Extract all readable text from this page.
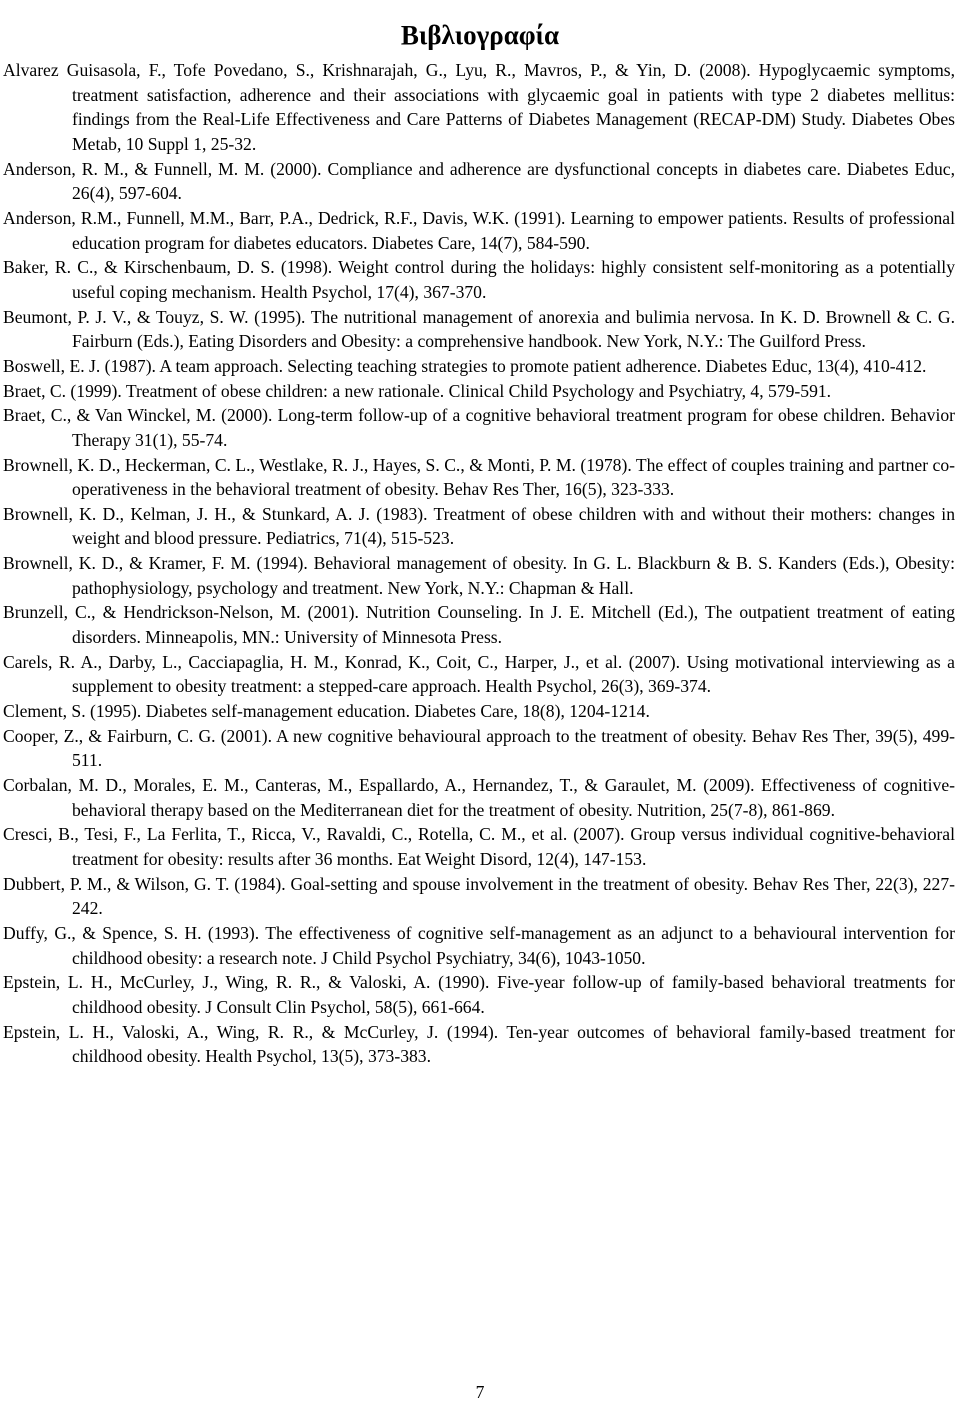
Βιβλιογραφία
Alvarez Guisasola, F., Tofe Povedano, S., Krishnarajah, G., Lyu, R., Mavros, P., & Yin, D. (2008). Hypoglycaemic symptoms, treatment satisfaction, adherence and their associations with glycaemic goal in patients with type 2 diabetes mellitus: findings from the Real-Life Effectiveness and Care Patterns of Diabetes Management (RECAP-DM) Study. Diabetes Obes Metab, 10 Suppl 1, 25-32.
Anderson, R. M., & Funnell, M. M. (2000). Compliance and adherence are dysfunctional concepts in diabetes care. Diabetes Educ, 26(4), 597-604.
Anderson, R.M., Funnell, M.M., Barr, P.A., Dedrick, R.F., Davis, W.K. (1991). Learning to empower patients. Results of professional education program for diabetes educators. Diabetes Care, 14(7), 584-590.
Baker, R. C., & Kirschenbaum, D. S. (1998). Weight control during the holidays: highly consistent self-monitoring as a potentially useful coping mechanism. Health Psychol, 17(4), 367-370.
Beumont, P. J. V., & Touyz, S. W. (1995). The nutritional management of anorexia and bulimia nervosa. In K. D. Brownell & C. G. Fairburn (Eds.), Eating Disorders and Obesity: a comprehensive handbook. New York, N.Y.: The Guilford Press.
Boswell, E. J. (1987). A team approach. Selecting teaching strategies to promote patient adherence. Diabetes Educ, 13(4), 410-412.
Braet, C. (1999). Treatment of obese children: a new rationale. Clinical Child Psychology and Psychiatry, 4, 579-591.
Braet, C., & Van Winckel, M. (2000). Long-term follow-up of a cognitive behavioral treatment program for obese children. Behavior Therapy 31(1), 55-74.
Brownell, K. D., Heckerman, C. L., Westlake, R. J., Hayes, S. C., & Monti, P. M. (1978). The effect of couples training and partner co-operativeness in the behavioral treatment of obesity. Behav Res Ther, 16(5), 323-333.
Brownell, K. D., Kelman, J. H., & Stunkard, A. J. (1983). Treatment of obese children with and without their mothers: changes in weight and blood pressure. Pediatrics, 71(4), 515-523.
Brownell, K. D., & Kramer, F. M. (1994). Behavioral management of obesity. In G. L. Blackburn & B. S. Kanders (Eds.), Obesity: pathophysiology, psychology and treatment. New York, N.Y.: Chapman & Hall.
Brunzell, C., & Hendrickson-Nelson, M. (2001). Nutrition Counseling. In J. E. Mitchell (Ed.), The outpatient treatment of eating disorders. Minneapolis, MN.: University of Minnesota Press.
Carels, R. A., Darby, L., Cacciapaglia, H. M., Konrad, K., Coit, C., Harper, J., et al. (2007). Using motivational interviewing as a supplement to obesity treatment: a stepped-care approach. Health Psychol, 26(3), 369-374.
Clement, S. (1995). Diabetes self-management education. Diabetes Care, 18(8), 1204-1214.
Cooper, Z., & Fairburn, C. G. (2001). A new cognitive behavioural approach to the treatment of obesity. Behav Res Ther, 39(5), 499-511.
Corbalan, M. D., Morales, E. M., Canteras, M., Espallardo, A., Hernandez, T., & Garaulet, M. (2009). Effectiveness of cognitive-behavioral therapy based on the Mediterranean diet for the treatment of obesity. Nutrition, 25(7-8), 861-869.
Cresci, B., Tesi, F., La Ferlita, T., Ricca, V., Ravaldi, C., Rotella, C. M., et al. (2007). Group versus individual cognitive-behavioral treatment for obesity: results after 36 months. Eat Weight Disord, 12(4), 147-153.
Dubbert, P. M., & Wilson, G. T. (1984). Goal-setting and spouse involvement in the treatment of obesity. Behav Res Ther, 22(3), 227-242.
Duffy, G., & Spence, S. H. (1993). The effectiveness of cognitive self-management as an adjunct to a behavioural intervention for childhood obesity: a research note. J Child Psychol Psychiatry, 34(6), 1043-1050.
Epstein, L. H., McCurley, J., Wing, R. R., & Valoski, A. (1990). Five-year follow-up of family-based behavioral treatments for childhood obesity. J Consult Clin Psychol, 58(5), 661-664.
Epstein, L. H., Valoski, A., Wing, R. R., & McCurley, J. (1994). Ten-year outcomes of behavioral family-based treatment for childhood obesity. Health Psychol, 13(5), 373-383.
7
